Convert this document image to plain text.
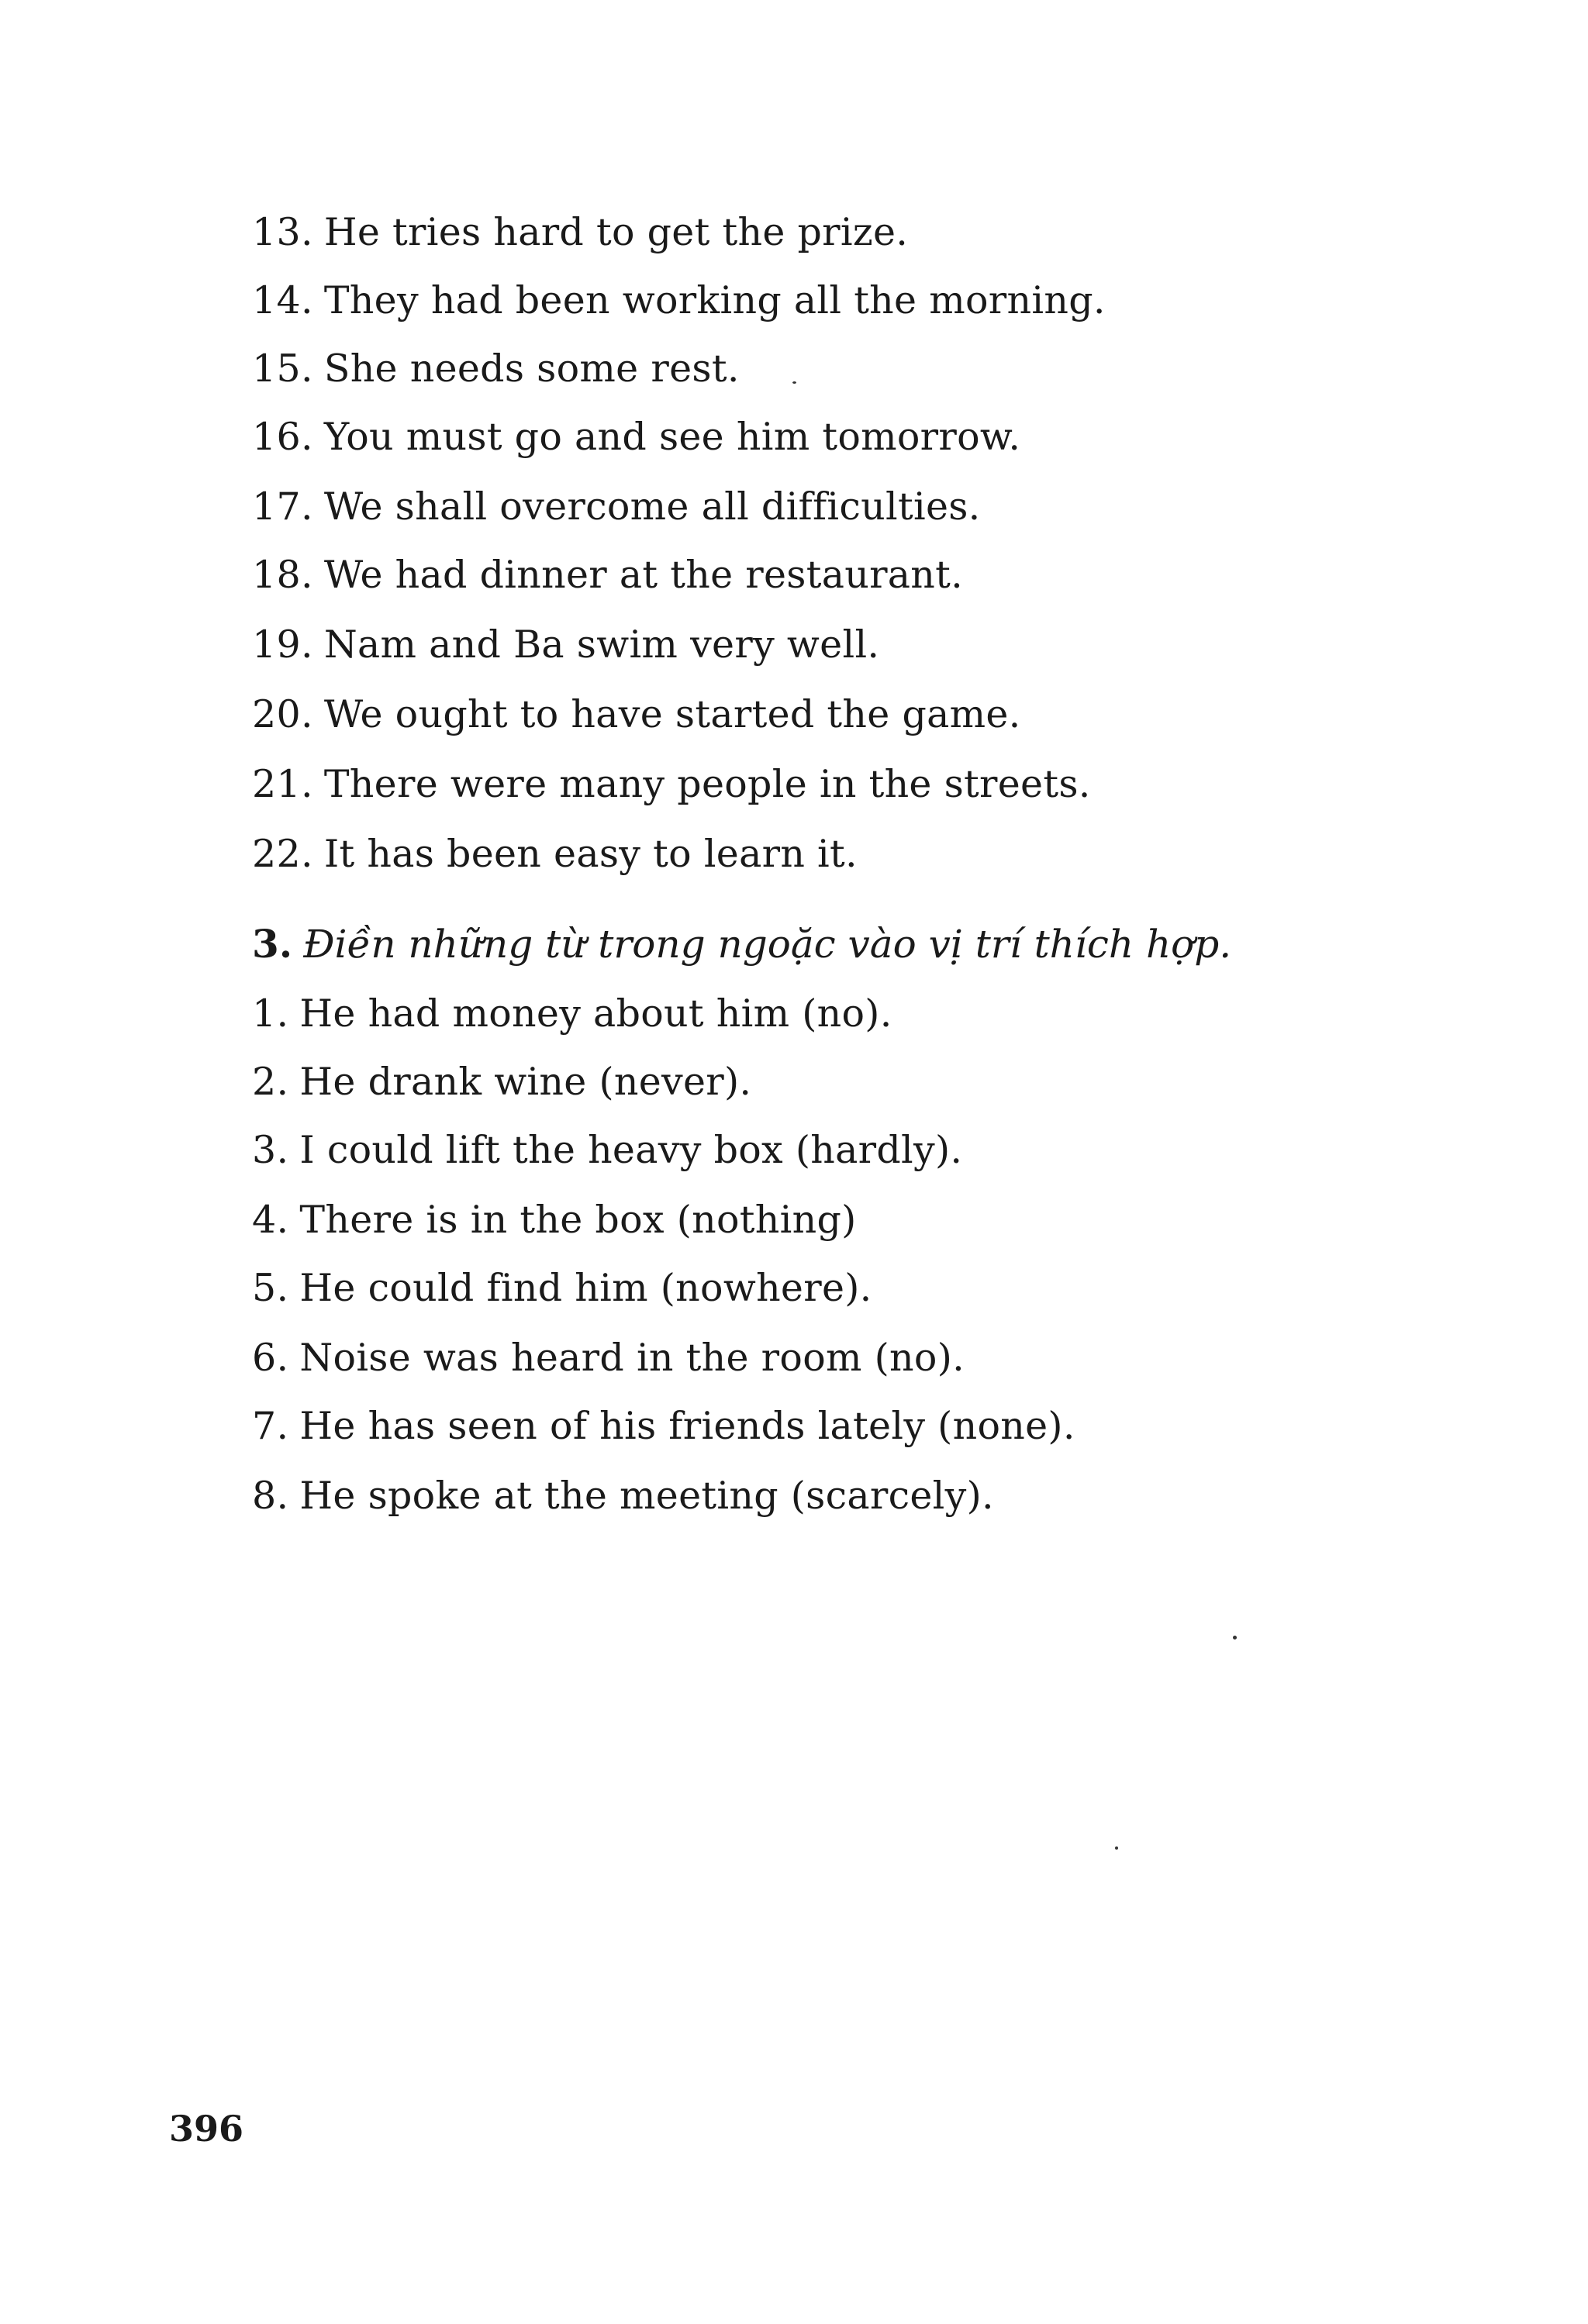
13. He tries hard to get the prize.
14. They had been working all the morning.
15. She needs some rest.
16. You must go and see him tomorrow.
17. We shall overcome all difficulties.
18. We had dinner at the restaurant.
19. Nam and Ba swim very well.
20. We ought to have started the game.
21. There were many people in the streets.
22. It has been easy to learn it.
3. Điền những từ trong ngoặc vào vị trí thích hợp.
1. He had money about him (no).
2. He drank wine (never).
3. I could lift the heavy box (hardly).
4. There is in the box (nothing)
5. He could find him (nowhere).
6. Noise was heard in the room (no).
7. He has seen of his friends lately (none).
8. He spoke at the meeting (scarcely).
396
